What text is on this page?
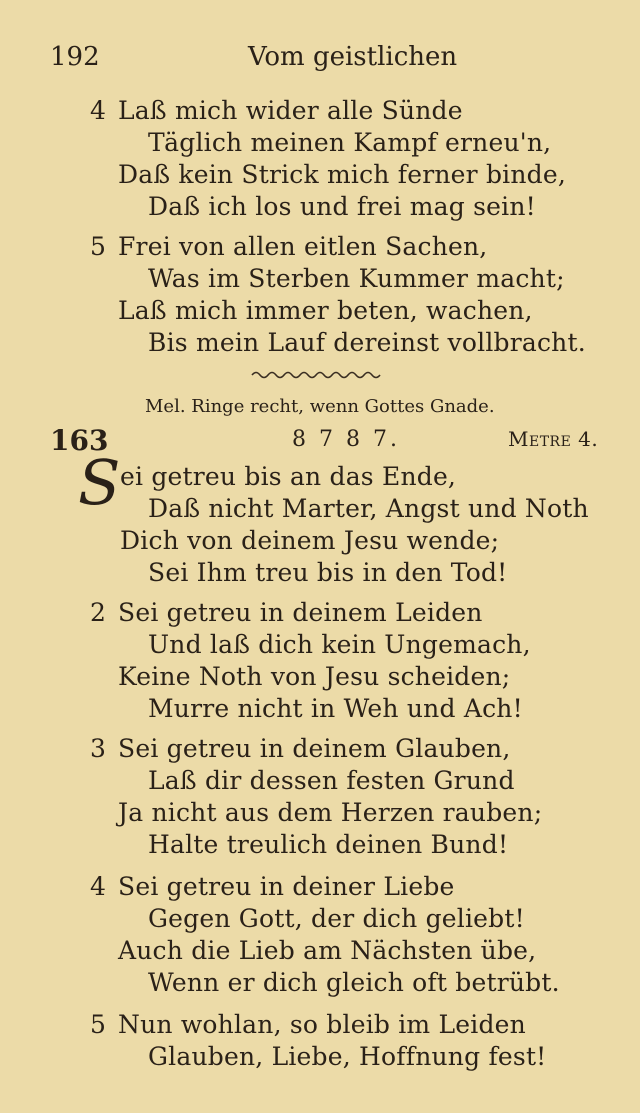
192	Vom geistlichen
4 Laß mich wider alle Sünde
Täglich meinen Kampf erneu'n,
Daß kein Strick mich ferner binde,
Daß ich los und frei mag sein!
5 Frei von allen eitlen Sachen,
Was im Sterben Kummer macht;
Laß mich immer beten, wachen,
Bis mein Lauf dereinst vollbracht.
Mel. Ringe recht, wenn Gottes Gnade.
163	8 7 8 7.	Metre 4.
S ei getreu bis an das Ende,
Daß nicht Marter, Angst und Noth
Dich von deinem Jesu wende;
Sei Ihm treu bis in den Tod!
2 Sei getreu in deinem Leiden
Und laß dich kein Ungemach,
Keine Noth von Jesu scheiden;
Murre nicht in Weh und Ach!
3 Sei getreu in deinem Glauben,
Laß dir dessen festen Grund
Ja nicht aus dem Herzen rauben;
Halte treulich deinen Bund!
4 Sei getreu in deiner Liebe
Gegen Gott, der dich geliebt!
Auch die Lieb am Nächsten übe,
Wenn er dich gleich oft betrübt.
5 Nun wohlan, so bleib im Leiden
Glauben, Liebe, Hoffnung fest!
